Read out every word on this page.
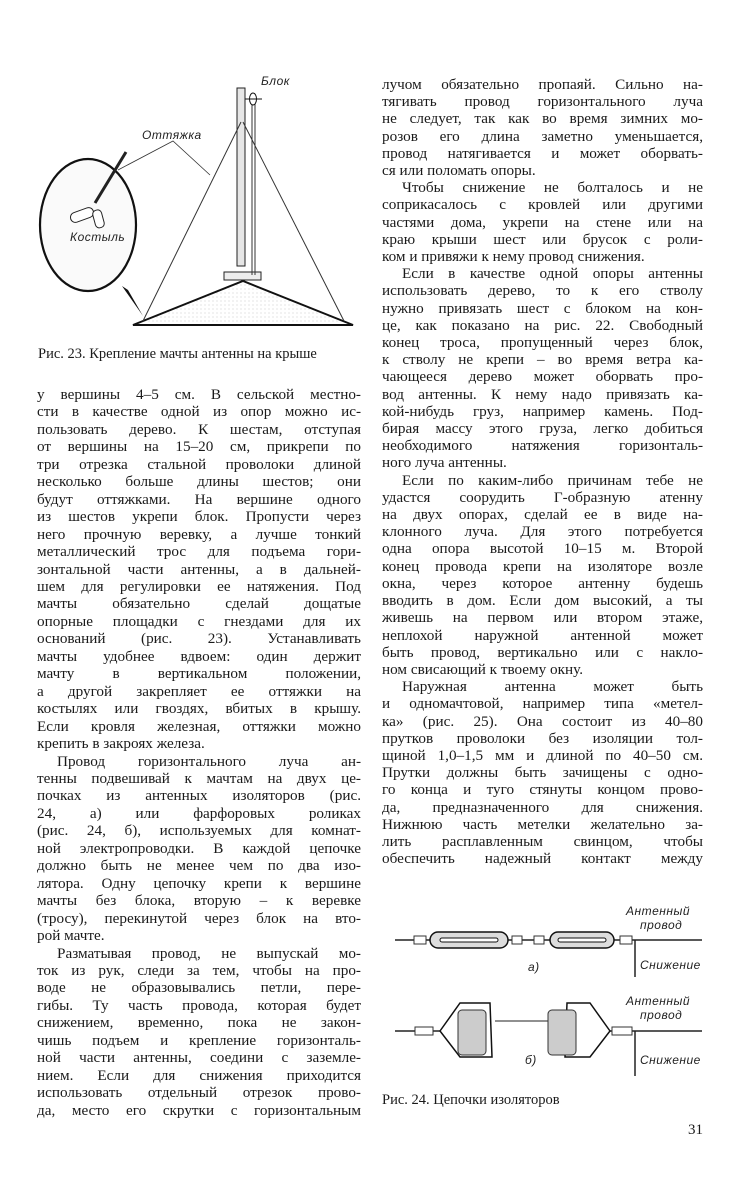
Блок
Оттяжка
Костыль
Рис. 23. Крепление мачты антенны на крыше
у вершины 4–5 см. В сельской местно-
сти в качестве одной из опор можно ис-
пользовать дерево. К шестам, отступая
от вершины на 15–20 см, прикрепи по
три отрезка стальной проволоки длиной
несколько больше длины шестов; они
будут оттяжками. На вершине одного
из шестов укрепи блок. Пропусти через
него прочную веревку, а лучше тонкий
металлический трос для подъема гори-
зонтальной части антенны, а в дальней-
шем для регулировки ее натяжения. Под
мачты обязательно сделай дощатые
опорные площадки с гнездами для их
оснований (рис. 23). Устанавливать
мачты удобнее вдвоем: один держит
мачту в вертикальном положении,
а другой закрепляет ее оттяжки на
костылях или гвоздях, вбитых в крышу.
Если кровля железная, оттяжки можно
крепить в закроях железа.
Провод горизонтального луча ан-
тенны подвешивай к мачтам на двух це-
почках из антенных изоляторов (рис.
24, а) или фарфоровых роликах
(рис. 24, б), используемых для комнат-
ной электропроводки. В каждой цепочке
должно быть не менее чем по два изо-
лятора. Одну цепочку крепи к вершине
мачты без блока, вторую – к веревке
(тросу), перекинутой через блок на вто-
рой мачте.
Разматывая провод, не выпускай мо-
ток из рук, следи за тем, чтобы на про-
воде не образовывались петли, пере-
гибы. Ту часть провода, которая будет
снижением, временно, пока не закон-
чишь подъем и крепление горизонталь-
ной части антенны, соедини с заземле-
нием. Если для снижения приходится
использовать отдельный отрезок прово-
да, место его скрутки с горизонтальным
лучом обязательно пропаяй. Сильно на-
тягивать провод горизонтального луча
не следует, так как во время зимних мо-
розов его длина заметно уменьшается,
провод натягивается и может оборвать-
ся или поломать опоры.
Чтобы снижение не болталось и не
соприкасалось с кровлей или другими
частями дома, укрепи на стене или на
краю крыши шест или брусок с роли-
ком и привяжи к нему провод снижения.
Если в качестве одной опоры антенны
использовать дерево, то к его стволу
нужно привязать шест с блоком на кон-
це, как показано на рис. 22. Свободный
конец троса, пропущенный через блок,
к стволу не крепи – во время ветра ка-
чающееся дерево может оборвать про-
вод антенны. К нему надо привязать ка-
кой-нибудь груз, например камень. Под-
бирая массу этого груза, легко добиться
необходимого натяжения горизонталь-
ного луча антенны.
Если по каким-либо причинам тебе не
удастся соорудить Г-образную атенну
на двух опорах, сделай ее в виде на-
клонного луча. Для этого потребуется
одна опора высотой 10–15 м. Второй
конец провода крепи на изоляторе возле
окна, через которое антенну будешь
вводить в дом. Если дом высокий, а ты
живешь на первом или втором этаже,
неплохой наружной антенной может
быть провод, вертикально или с накло-
ном свисающий к твоему окну.
Наружная антенна может быть
и одномачтовой, например типа «метел-
ка» (рис. 25). Она состоит из 40–80
прутков проволоки без изоляции тол-
щиной 1,0–1,5 мм и длиной по 40–50 см.
Прутки должны быть зачищены с одно-
го конца и туго стянуты концом прово-
да, предназначенного для снижения.
Нижнюю часть метелки желательно за-
лить расплавленным свинцом, чтобы
обеспечить надежный контакт между
Антенный
провод
Снижение
а)
Антенный
провод
Снижение
б)
Рис. 24. Цепочки изоляторов
31
